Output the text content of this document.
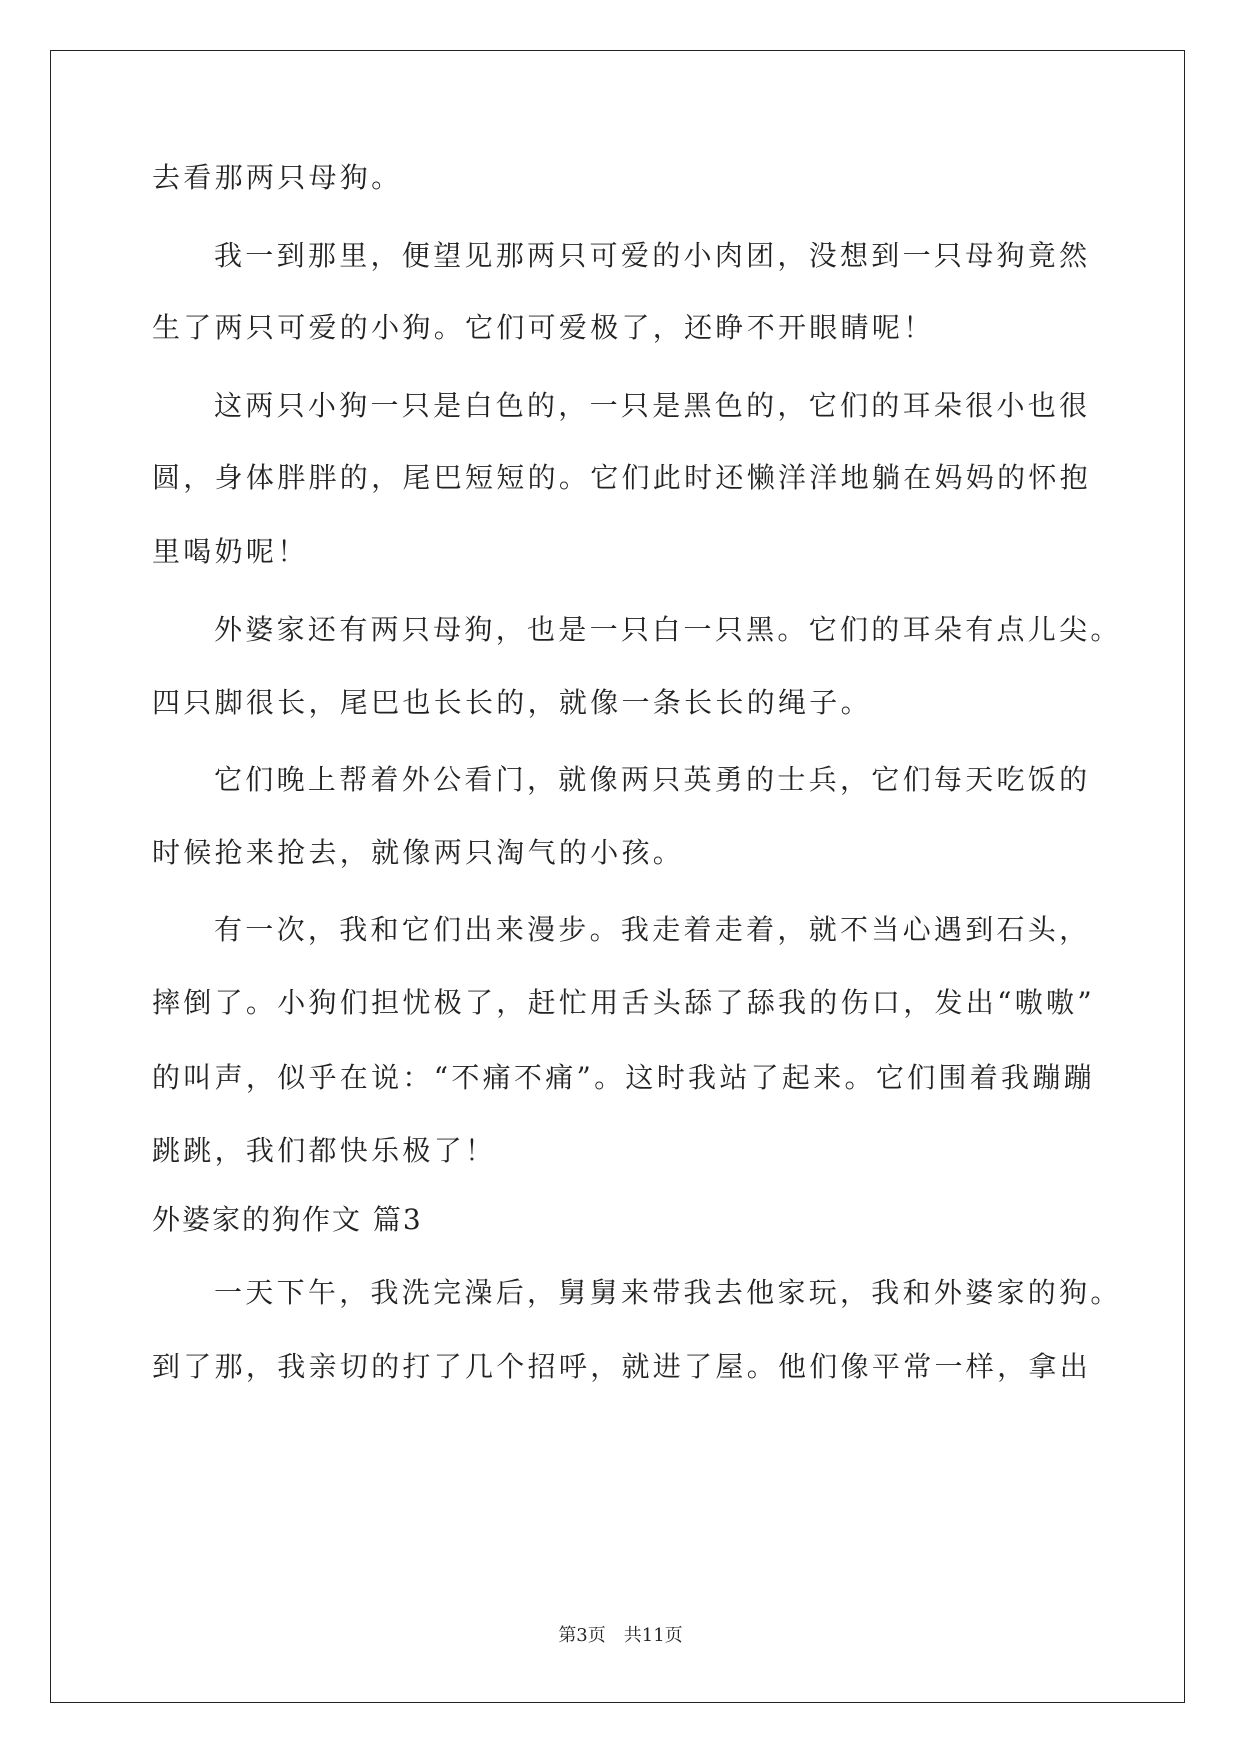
去看那两只母狗。
我一到那里，便望见那两只可爱的小肉团，没想到一只母狗竟然
生了两只可爱的小狗。它们可爱极了，还睁不开眼睛呢！
这两只小狗一只是白色的，一只是黑色的，它们的耳朵很小也很
圆，身体胖胖的，尾巴短短的。它们此时还懒洋洋地躺在妈妈的怀抱
里喝奶呢！
外婆家还有两只母狗，也是一只白一只黑。它们的耳朵有点儿尖。
四只脚很长，尾巴也长长的，就像一条长长的绳子。
它们晚上帮着外公看门，就像两只英勇的士兵，它们每天吃饭的
时候抢来抢去，就像两只淘气的小孩。
有一次，我和它们出来漫步。我走着走着，就不当心遇到石头，
摔倒了。小狗们担忧极了，赶忙用舌头舔了舔我的伤口，发出“嗷嗷”
的叫声，似乎在说：“不痛不痛”。这时我站了起来。它们围着我蹦蹦
跳跳，我们都快乐极了！
外婆家的狗作文 篇3
一天下午，我洗完澡后，舅舅来带我去他家玩，我和外婆家的狗。
到了那，我亲切的打了几个招呼，就进了屋。他们像平常一样，拿出
第3页 共11页
